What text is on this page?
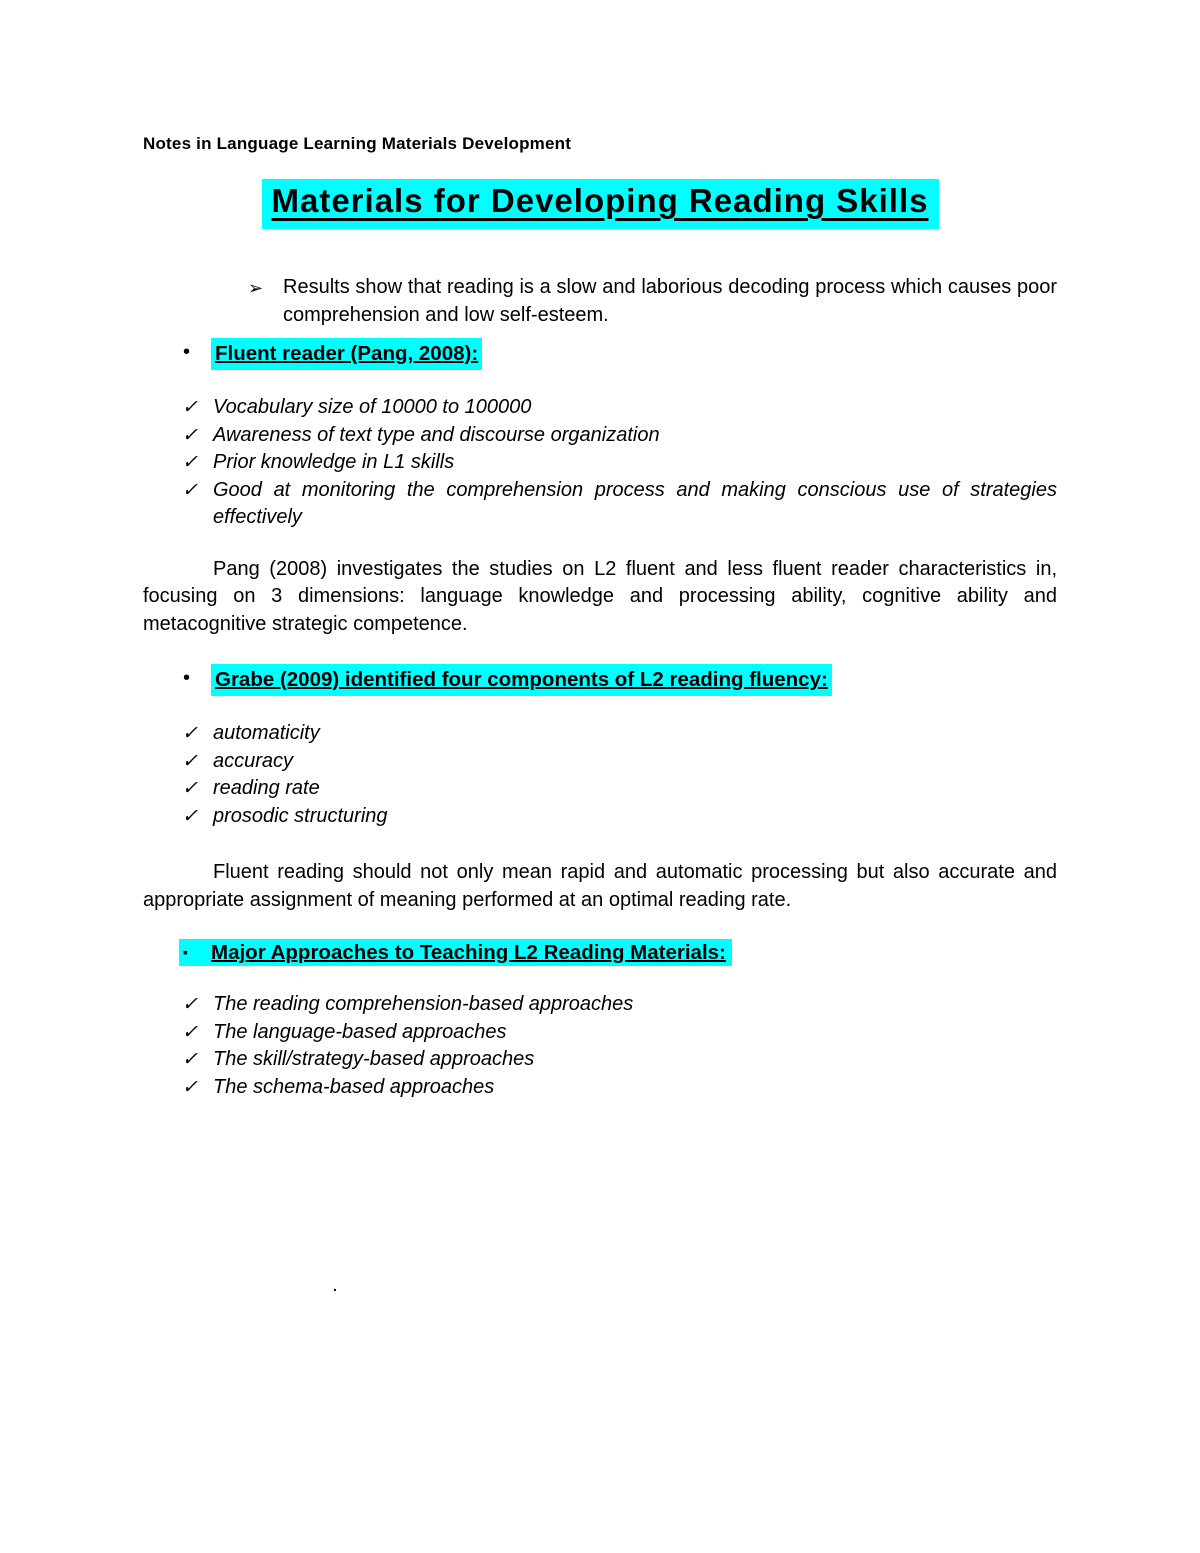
Notes in Language Learning Materials Development
Materials for Developing Reading Skills
➢ Results show that reading is a slow and laborious decoding process which causes poor comprehension and low self-esteem.
• Fluent reader (Pang, 2008):
✓ Vocabulary size of 10000 to 100000
✓ Awareness of text type and discourse organization
✓ Prior knowledge in L1 skills
✓ Good at monitoring the comprehension process and making conscious use of strategies effectively

Pang (2008) investigates the studies on L2 fluent and less fluent reader characteristics in, focusing on 3 dimensions: language knowledge and processing ability, cognitive ability and metacognitive strategic competence.

• Grabe (2009) identified four components of L2 reading fluency:
✓ automaticity
✓ accuracy
✓ reading rate
✓ prosodic structuring

Fluent reading should not only mean rapid and automatic processing but also accurate and appropriate assignment of meaning performed at an optimal reading rate.

▪ Major Approaches to Teaching L2 Reading Materials:
✓ The reading comprehension-based approaches
✓ The language-based approaches
✓ The skill/strategy-based approaches
✓ The schema-based approaches
.
